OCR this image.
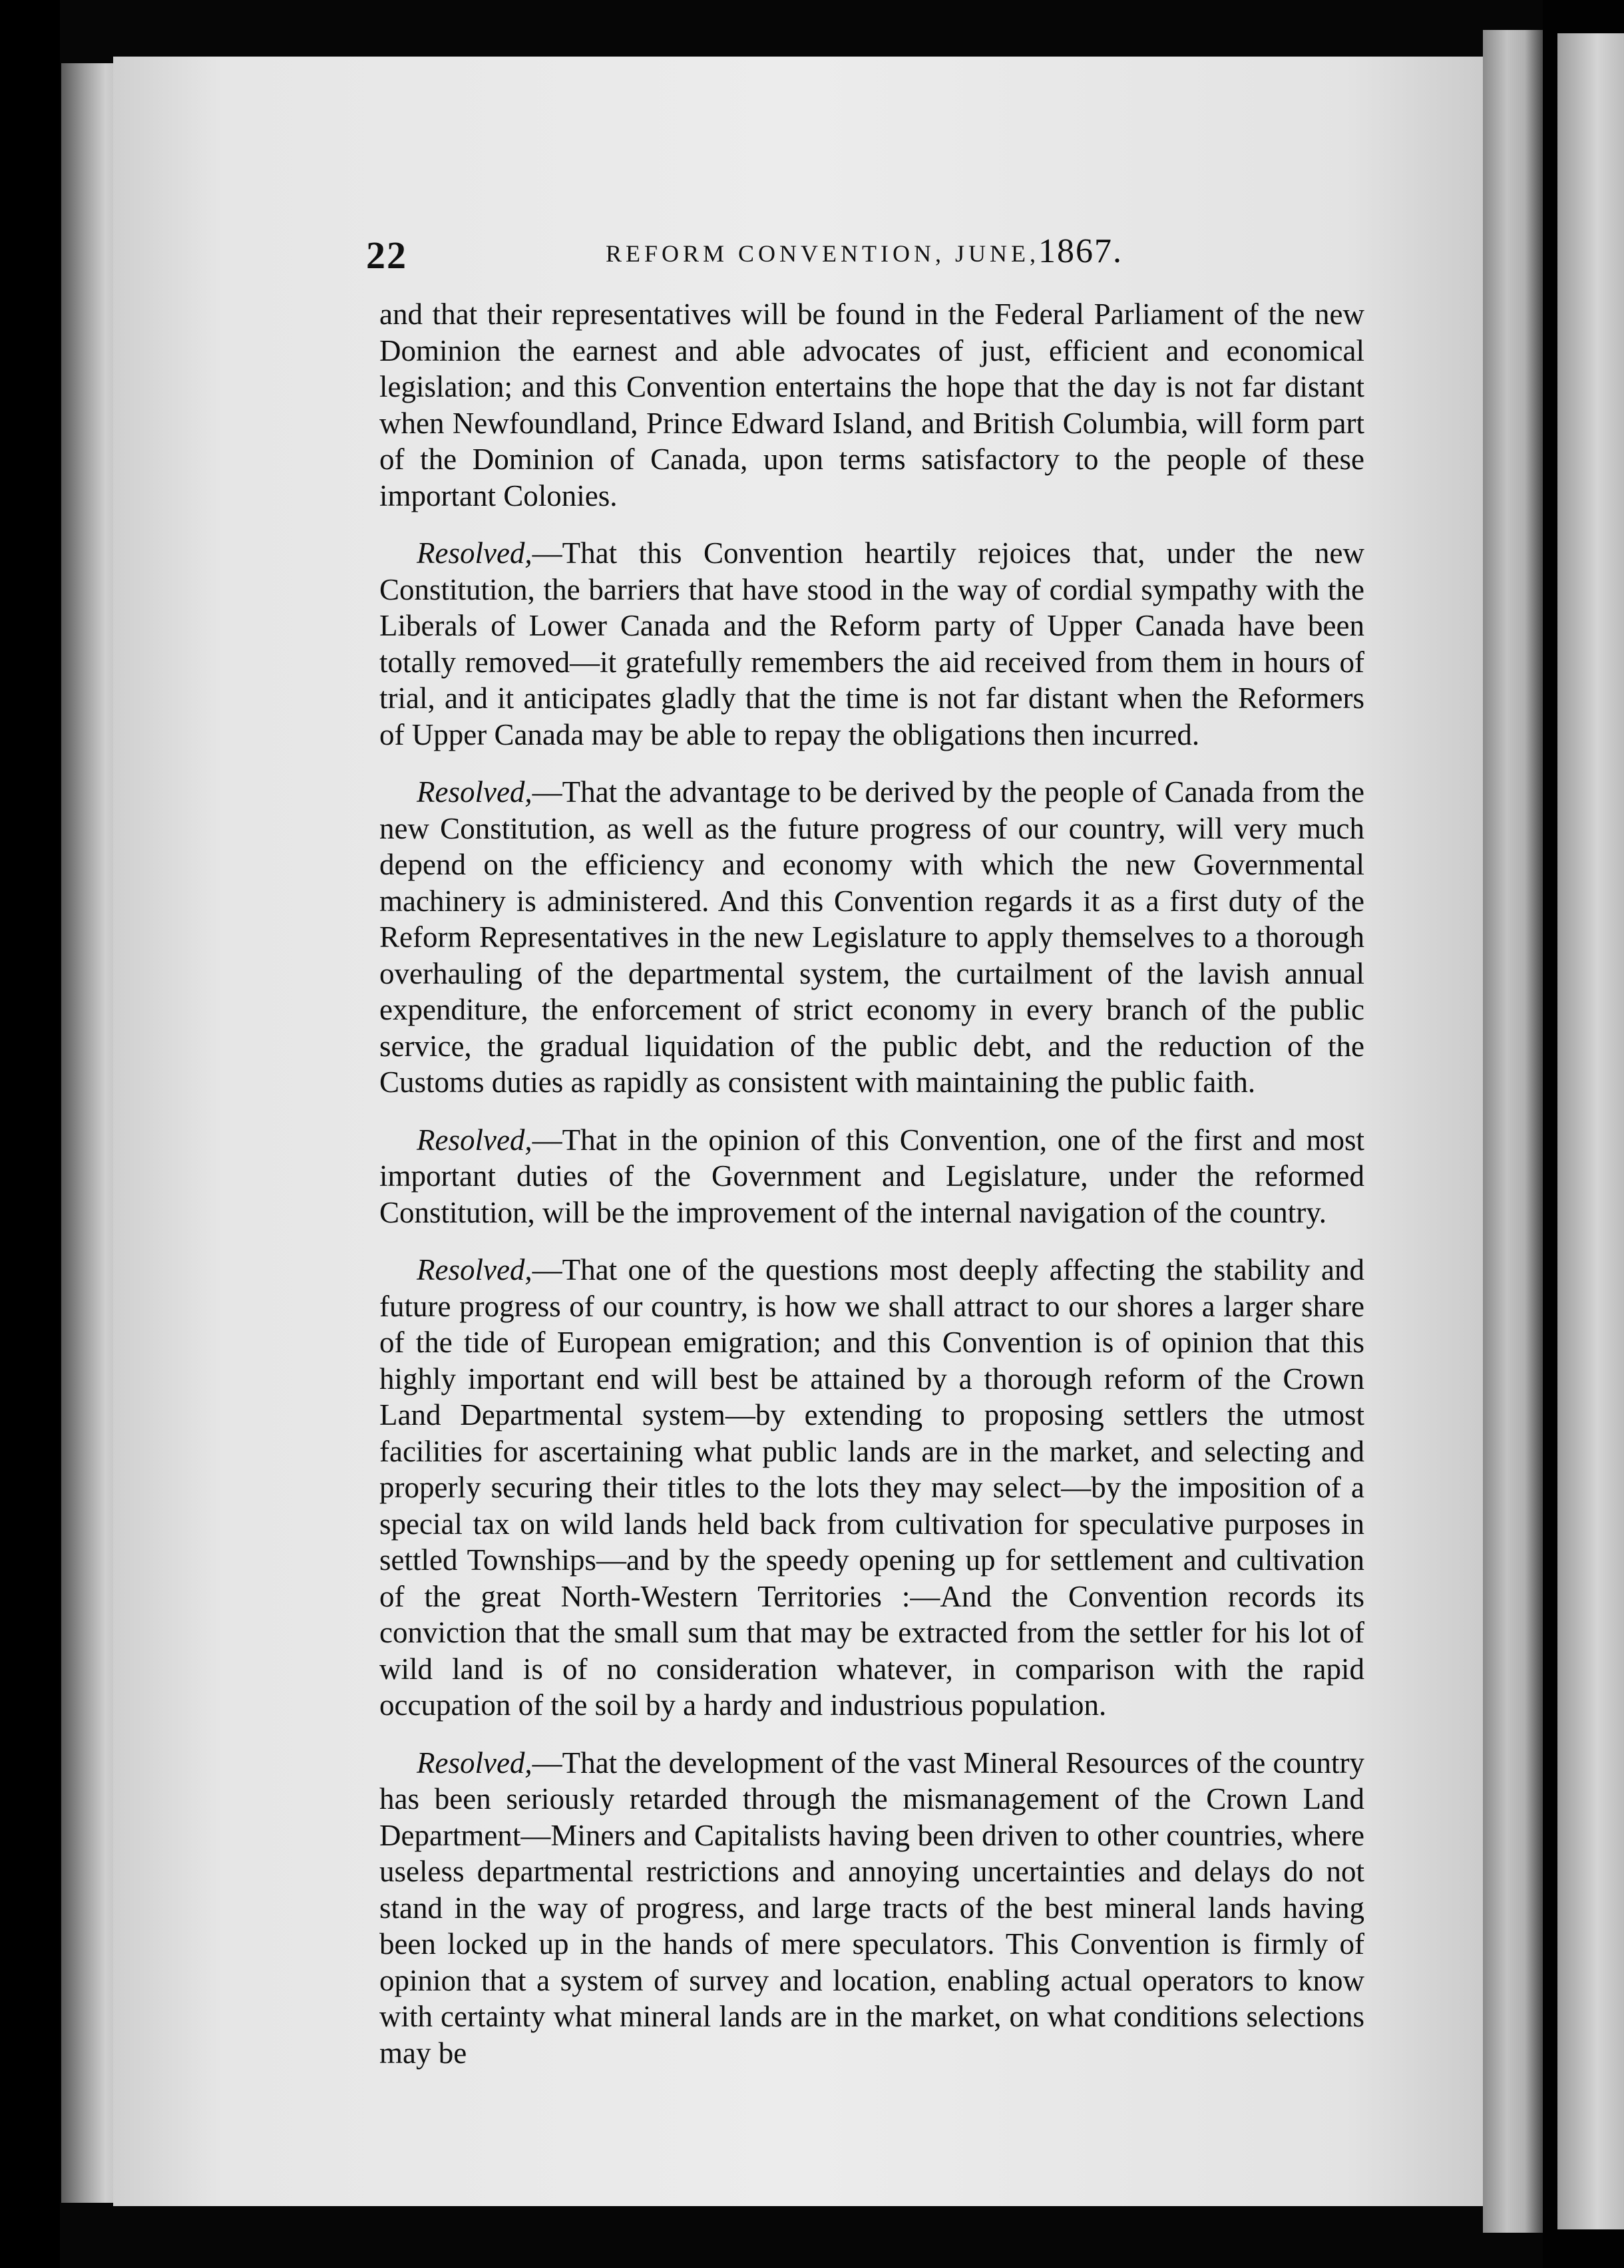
22	REFORM CONVENTION, JUNE,
1867.

and that their representatives will be found in the Federal Parliament of the new Dominion the earnest and able advocates of just, efficient and economical legislation; and this Convention entertains the hope that the day is not far distant when Newfoundland, Prince Edward Island, and British Columbia, will form part of the Dominion of Canada, upon terms satisfactory to the people of these important Colonies.

Resolved,—That this Convention heartily rejoices that, under the new Constitution, the barriers that have stood in the way of cordial sympathy with the Liberals of Lower Canada and the Reform party of Upper Canada have been totally removed—it gratefully remembers the aid received from them in hours of trial, and it anticipates gladly that the time is not far distant when the Reformers of Upper Canada may be able to repay the obligations then incurred.

Resolved,—That the advantage to be derived by the people of Canada from the new Constitution, as well as the future progress of our country, will very much depend on the efficiency and economy with which the new Governmental machinery is administered. And this Convention regards it as a first duty of the Reform Representatives in the new Legislature to apply themselves to a thorough overhauling of the departmental system, the curtailment of the lavish annual expenditure, the enforcement of strict economy in every branch of the public service, the gradual liquidation of the public debt, and the reduction of the Customs duties as rapidly as consistent with maintaining the public faith.

Resolved,—That in the opinion of this Convention, one of the first and most important duties of the Government and Legislature, under the reformed Constitution, will be the improvement of the internal navigation of the country.

Resolved,—That one of the questions most deeply affecting the stability and future progress of our country, is how we shall attract to our shores a larger share of the tide of European emigration; and this Convention is of opinion that this highly important end will best be attained by a thorough reform of the Crown Land Departmental system—by extending to proposing settlers the utmost facilities for ascertaining what public lands are in the market, and selecting and properly securing their titles to the lots they may select—by the imposition of a special tax on wild lands held back from cultivation for speculative purposes in settled Townships—and by the speedy opening up for settlement and cultivation of the great North-Western Territories :—And the Convention records its conviction that the small sum that may be extracted from the settler for his lot of wild land is of no consideration whatever, in comparison with the rapid occupation of the soil by a hardy and industrious population.

Resolved,—That the development of the vast Mineral Resources of the country has been seriously retarded through the mismanagement of the Crown Land Department—Miners and Capitalists having been driven to other countries, where useless departmental restrictions and annoying uncertainties and delays do not stand in the way of progress, and large tracts of the best mineral lands having been locked up in the hands of mere speculators. This Convention is firmly of opinion that a system of survey and location, enabling actual operators to know with certainty what mineral lands are in the market, on what conditions selections may be
